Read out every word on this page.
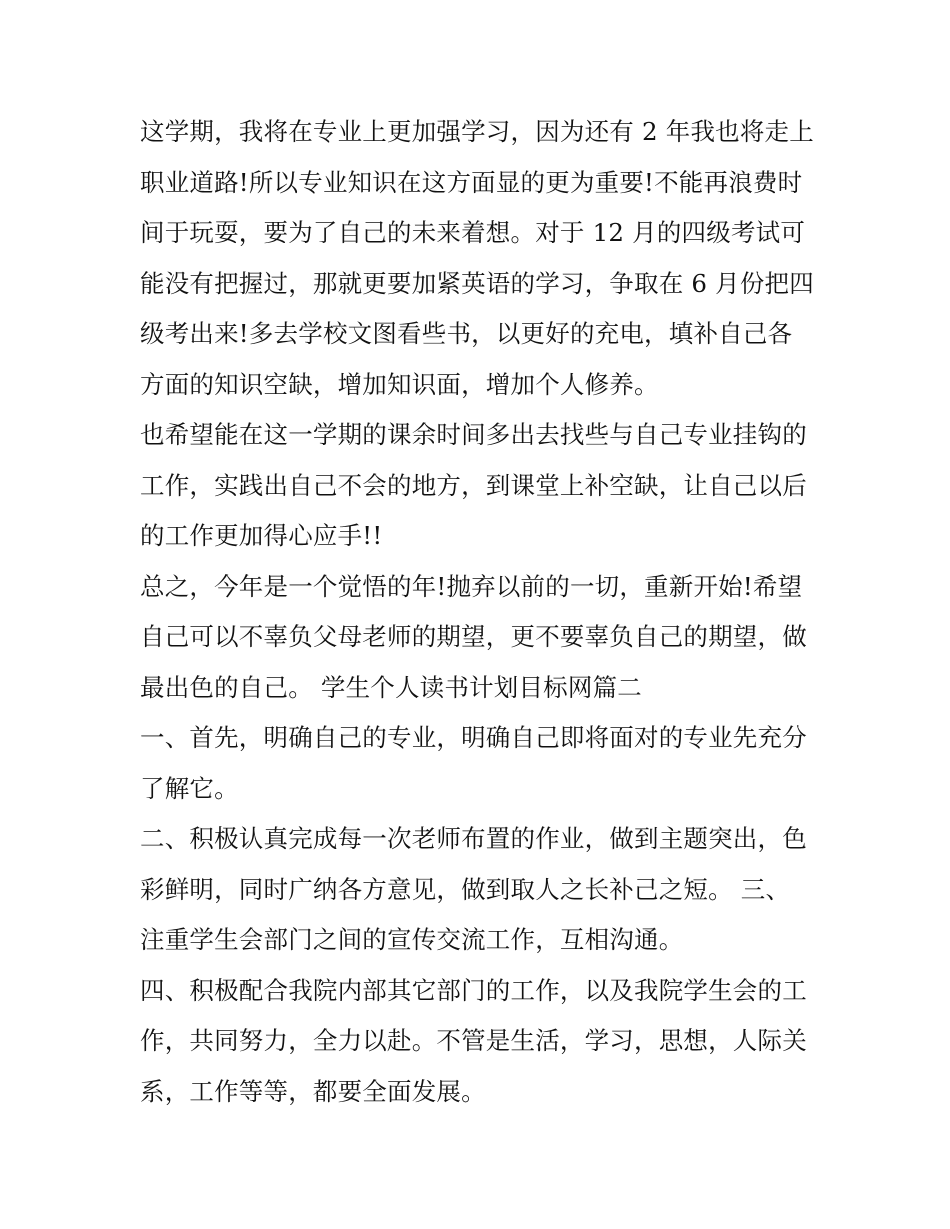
这学期，我将在专业上更加强学习，因为还有 2 年我也将走上
职业道路!所以专业知识在这方面显的更为重要!不能再浪费时
间于玩耍，要为了自己的未来着想。对于 12 月的四级考试可
能没有把握过，那就更要加紧英语的学习，争取在 6 月份把四
级考出来!多去学校文图看些书，以更好的充电，填补自己各
方面的知识空缺，增加知识面，增加个人修养。
也希望能在这一学期的课余时间多出去找些与自己专业挂钩的
工作，实践出自己不会的地方，到课堂上补空缺，让自己以后
的工作更加得心应手!!
总之，今年是一个觉悟的年!抛弃以前的一切，重新开始!希望
自己可以不辜负父母老师的期望，更不要辜负自己的期望，做
最出色的自己。 学生个人读书计划目标网篇二
一、首先，明确自己的专业，明确自己即将面对的专业先充分
了解它。
二、积极认真完成每一次老师布置的作业，做到主题突出，色
彩鲜明，同时广纳各方意见，做到取人之长补己之短。 三、
注重学生会部门之间的宣传交流工作，互相沟通。
四、积极配合我院内部其它部门的工作，以及我院学生会的工
作，共同努力，全力以赴。不管是生活，学习，思想，人际关
系，工作等等，都要全面发展。
